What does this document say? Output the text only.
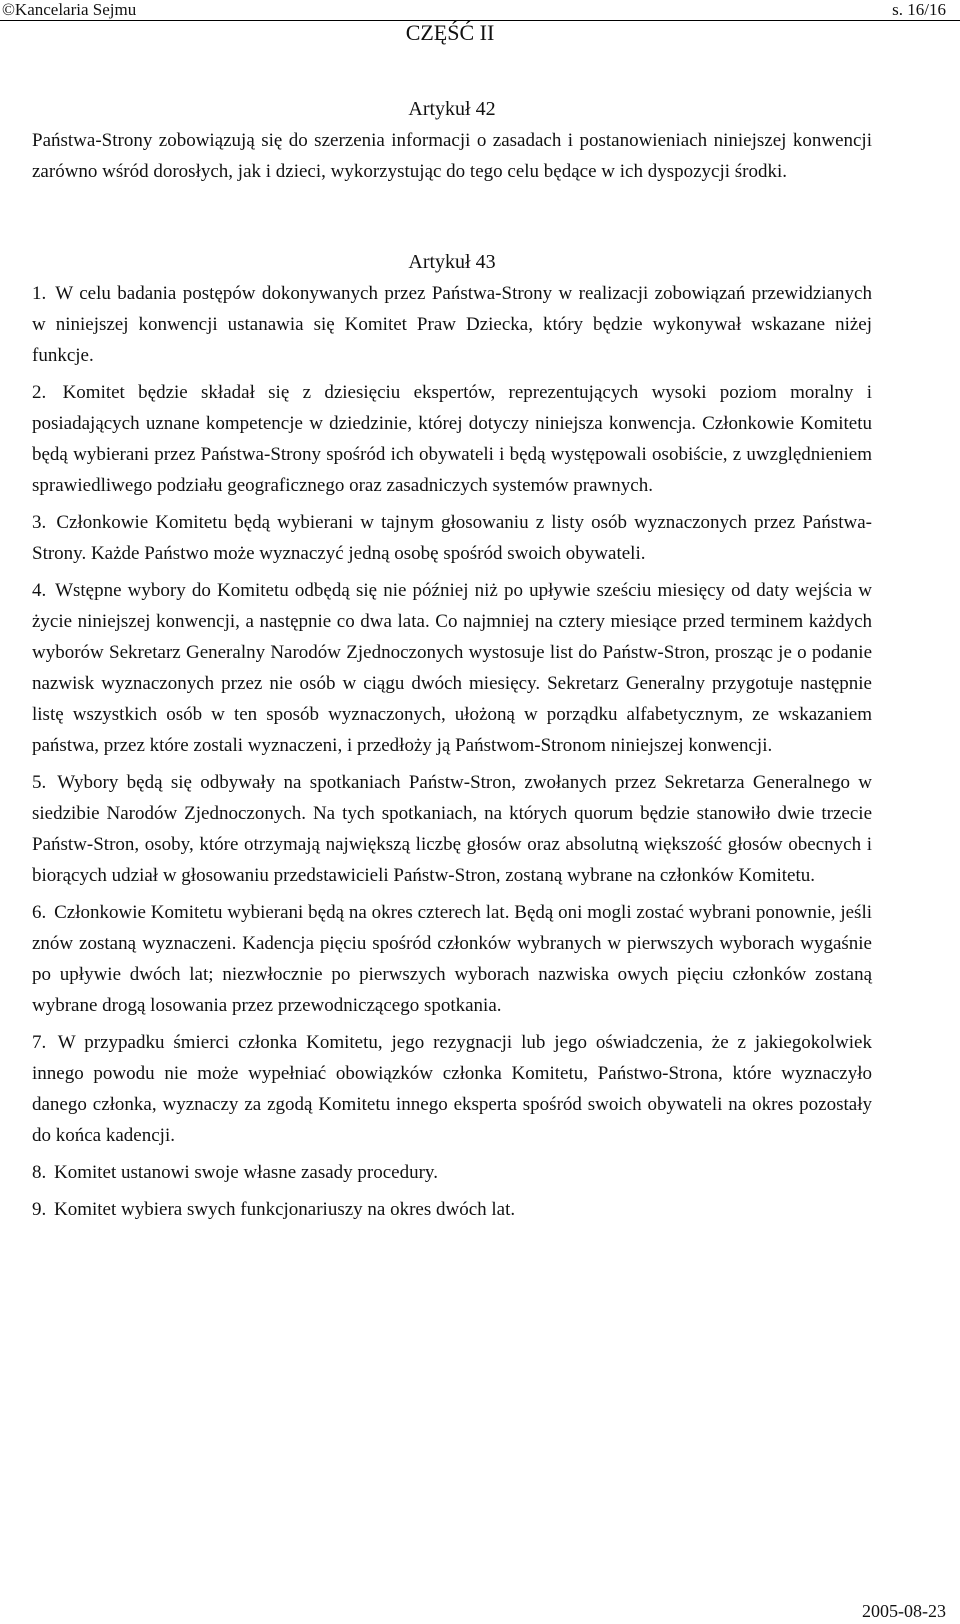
©Kancelaria Sejmu	s. 16/16
CZĘŚĆ II

Artykuł 42

Państwa-Strony zobowiązują się do szerzenia informacji o zasadach i postanowieniach niniejszej konwencji zarówno wśród dorosłych, jak i dzieci, wykorzystując do tego celu będące w ich dyspozycji środki.

Artykuł 43

1. W celu badania postępów dokonywanych przez Państwa-Strony w realizacji zobowiązań przewidzianych w niniejszej konwencji ustanawia się Komitet Praw Dziecka, który będzie wykonywał wskazane niżej funkcje.

2. Komitet będzie składał się z dziesięciu ekspertów, reprezentujących wysoki poziom moralny i posiadających uznane kompetencje w dziedzinie, której dotyczy niniejsza konwencja. Członkowie Komitetu będą wybierani przez Państwa-Strony spośród ich obywateli i będą występowali osobiście, z uwzględnieniem sprawiedliwego podziału geograficznego oraz zasadniczych systemów prawnych.

3. Członkowie Komitetu będą wybierani w tajnym głosowaniu z listy osób wyznaczonych przez Państwa-Strony. Każde Państwo może wyznaczyć jedną osobę spośród swoich obywateli.

4. Wstępne wybory do Komitetu odbędą się nie później niż po upływie sześciu miesięcy od daty wejścia w życie niniejszej konwencji, a następnie co dwa lata. Co najmniej na cztery miesiące przed terminem każdych wyborów Sekretarz Generalny Narodów Zjednoczonych wystosuje list do Państw-Stron, prosząc je o podanie nazwisk wyznaczonych przez nie osób w ciągu dwóch miesięcy. Sekretarz Generalny przygotuje następnie listę wszystkich osób w ten sposób wyznaczonych, ułożoną w porządku alfabetycznym, ze wskazaniem państwa, przez które zostali wyznaczeni, i przedłoży ją Państwom-Stronom niniejszej konwencji.

5. Wybory będą się odbywały na spotkaniach Państw-Stron, zwołanych przez Sekretarza Generalnego w siedzibie Narodów Zjednoczonych. Na tych spotkaniach, na których quorum będzie stanowiło dwie trzecie Państw-Stron, osoby, które otrzymają największą liczbę głosów oraz absolutną większość głosów obecnych i biorących udział w głosowaniu przedstawicieli Państw-Stron, zostaną wybrane na członków Komitetu.

6. Członkowie Komitetu wybierani będą na okres czterech lat. Będą oni mogli zostać wybrani ponownie, jeśli znów zostaną wyznaczeni. Kadencja pięciu spośród członków wybranych w pierwszych wyborach wygaśnie po upływie dwóch lat; niezwłocznie po pierwszych wyborach nazwiska owych pięciu członków zostaną wybrane drogą losowania przez przewodniczącego spotkania.

7. W przypadku śmierci członka Komitetu, jego rezygnacji lub jego oświadczenia, że z jakiegokolwiek innego powodu nie może wypełniać obowiązków członka Komitetu, Państwo-Strona, które wyznaczyło danego członka, wyznaczy za zgodą Komitetu innego eksperta spośród swoich obywateli na okres pozostały do końca kadencji.

8. Komitet ustanowi swoje własne zasady procedury.

9. Komitet wybiera swych funkcjonariuszy na okres dwóch lat.

2005-08-23
